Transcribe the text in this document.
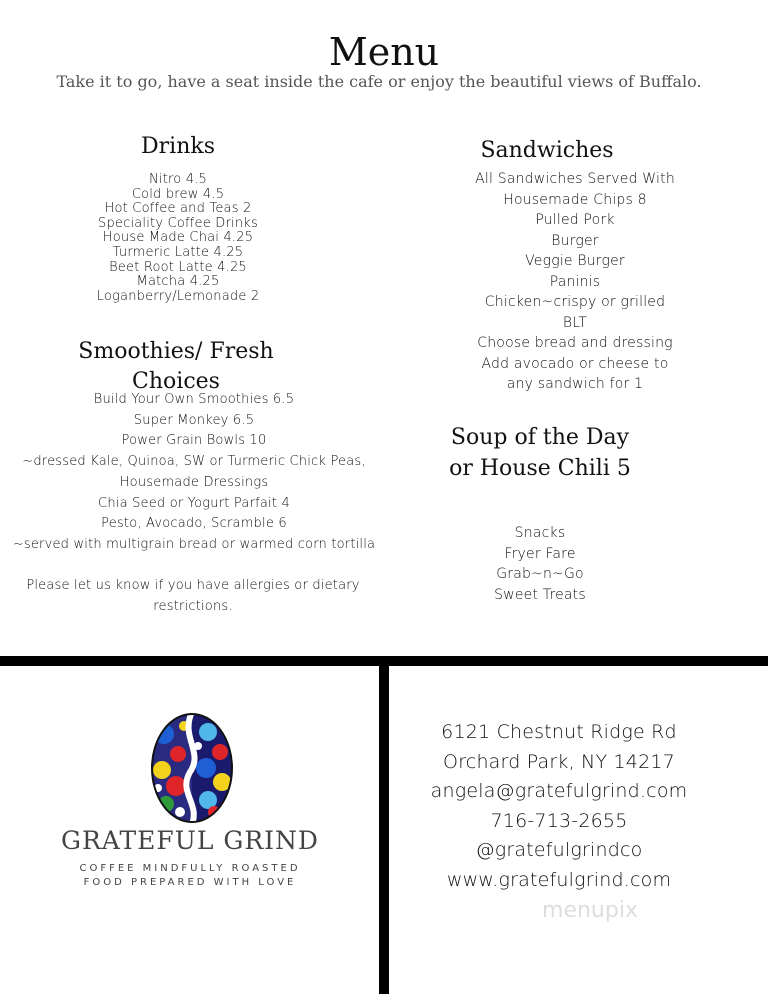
Menu
Take it to go, have a seat inside the cafe or enjoy the beautiful views of Buffalo.
Drinks
Nitro 4.5
Cold brew 4.5
Hot Coffee and Teas 2
Speciality Coffee Drinks
House Made Chai 4.25
Turmeric Latte 4.25
Beet Root Latte 4.25
Matcha 4.25
Loganberry/Lemonade 2
Smoothies/ Fresh
Choices
Build Your Own Smoothies 6.5
Super Monkey 6.5
Power Grain Bowls 10
~dressed Kale, Quinoa, SW or Turmeric Chick Peas,
Housemade Dressings
Chia Seed or Yogurt Parfait 4
Pesto, Avocado, Scramble 6
~served with multigrain bread or warmed corn tortilla
Please let us know if you have allergies or dietary
restrictions.
Sandwiches
All Sandwiches Served With
Housemade Chips 8
Pulled Pork
Burger
Veggie Burger
Paninis
Chicken~crispy or grilled
BLT
Choose bread and dressing
Add avocado or cheese to
any sandwich for 1
Soup of the Day
or House Chili 5
Snacks
Fryer Fare
Grab~n~Go
Sweet Treats
GRATEFUL GRIND
COFFEE MINDFULLY ROASTED
FOOD PREPARED WITH LOVE
6121 Chestnut Ridge Rd
Orchard Park, NY 14217
angela@gratefulgrind.com
716-713-2655
@gratefulgrindco
www.gratefulgrind.com
menupix
